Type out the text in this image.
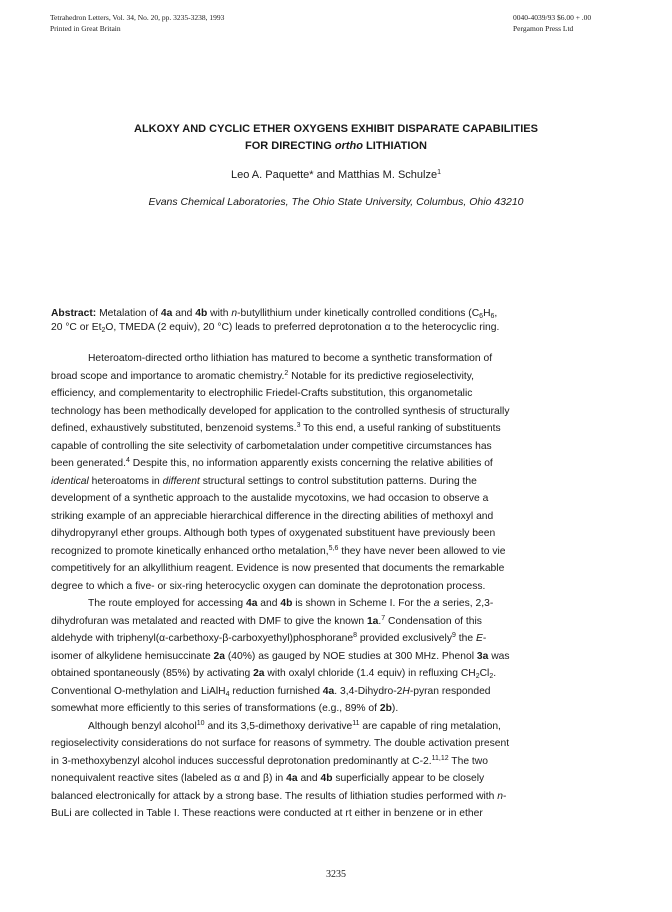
Tetrahedron Letters, Vol. 34, No. 20, pp. 3235-3238, 1993
Printed in Great Britain
0040-4039/93 $6.00 + .00
Pergamon Press Ltd
ALKOXY AND CYCLIC ETHER OXYGENS EXHIBIT DISPARATE CAPABILITIES
FOR DIRECTING ortho LITHIATION
Leo A. Paquette* and Matthias M. Schulze$^1$
Evans Chemical Laboratories, The Ohio State University, Columbus, Ohio 43210
Abstract: Metalation of 4a and 4b with n-butyllithium under kinetically controlled conditions ($C_6H_6$,
20 °C or $Et_2O$, TMEDA (2 equiv), 20 °C) leads to preferred deprotonation α to the heterocyclic ring.
Heteroatom-directed ortho lithiation has matured to become a synthetic transformation of
broad scope and importance to aromatic chemistry.$^2$ Notable for its predictive regioselectivity,
efficiency, and complementarity to electrophilic Friedel-Crafts substitution, this organometalic
technology has been methodically developed for application to the controlled synthesis of structurally
defined, exhaustively substituted, benzenoid systems.$^3$ To this end, a useful ranking of substituents
capable of controlling the site selectivity of carbometalation under competitive circumstances has
been generated.$^4$ Despite this, no information apparently exists concerning the relative abilities of
identical heteroatoms in different structural settings to control substitution patterns. During the
development of a synthetic approach to the austalide mycotoxins, we had occasion to observe a
striking example of an appreciable hierarchical difference in the directing abilities of methoxyl and
dihydropyranyl ether groups. Although both types of oxygenated substituent have previously been
recognized to promote kinetically enhanced ortho metalation,$^{5,6}$ they have never been allowed to vie
competitively for an alkyllithium reagent. Evidence is now presented that documents the remarkable
degree to which a five- or six-ring heterocyclic oxygen can dominate the deprotonation process.
The route employed for accessing 4a and 4b is shown in Scheme I. For the a series, 2,3-
dihydrofuran was metalated and reacted with DMF to give the known 1a.$^7$ Condensation of this
aldehyde with triphenyl(α-carbethoxy-β-carboxyethyl)phosphorane$^8$ provided exclusively$^9$ the E-
isomer of alkylidene hemisuccinate 2a (40%) as gauged by NOE studies at 300 MHz. Phenol 3a was
obtained spontaneously (85%) by activating 2a with oxalyl chloride (1.4 equiv) in refluxing $CH_2Cl_2$.
Conventional O-methylation and LiAlH$_4$ reduction furnished 4a. 3,4-Dihydro-2H-pyran responded
somewhat more efficiently to this series of transformations (e.g., 89% of 2b).
Although benzyl alcohol$^{10}$ and its 3,5-dimethoxy derivative$^{11}$ are capable of ring metalation,
regioselectivity considerations do not surface for reasons of symmetry. The double activation present
in 3-methoxybenzyl alcohol induces successful deprotonation predominantly at C-2.$^{11,12}$ The two
nonequivalent reactive sites (labeled as α and β) in 4a and 4b superficially appear to be closely
balanced electronically for attack by a strong base. The results of lithiation studies performed with n-
BuLi are collected in Table I. These reactions were conducted at rt either in benzene or in ether
3235
